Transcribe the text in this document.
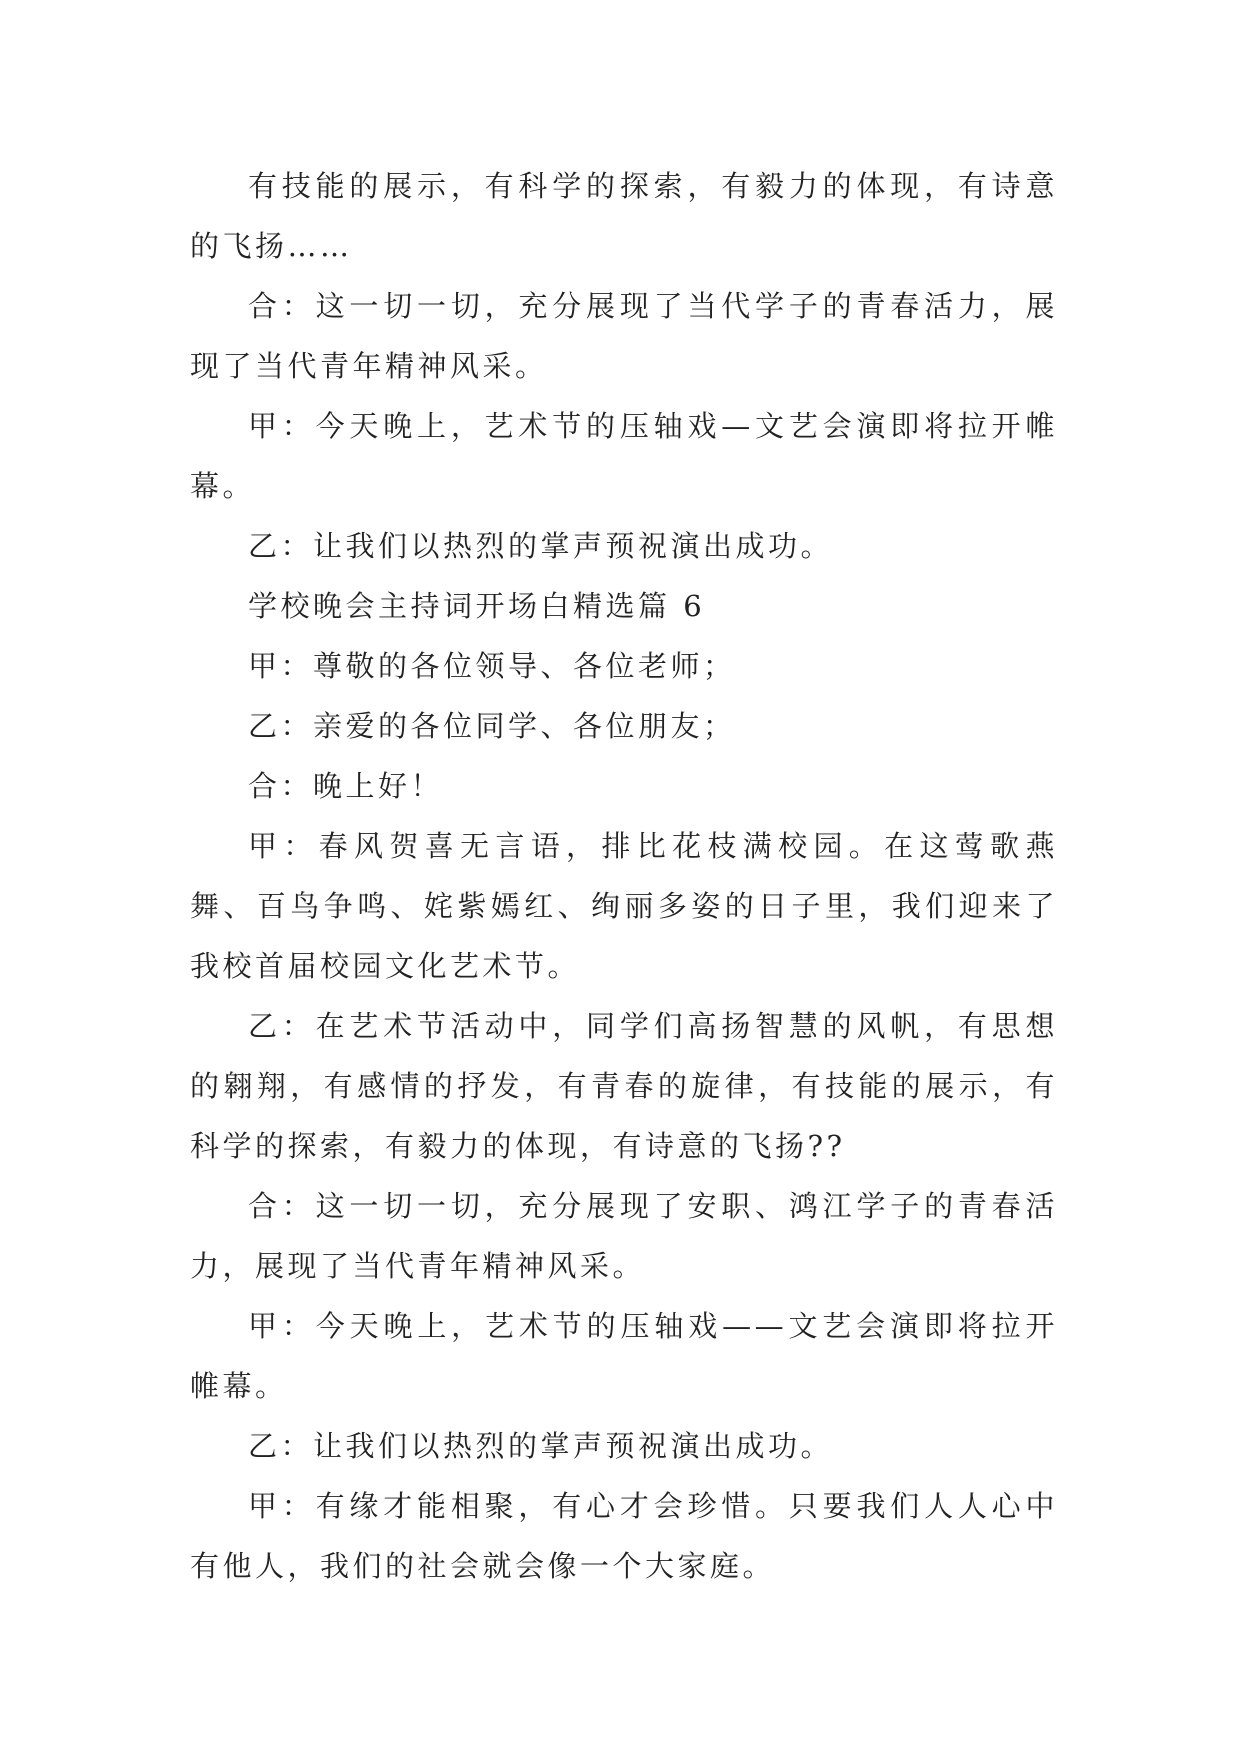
有技能的展示，有科学的探索，有毅力的体现，有诗意的飞扬……

合：这一切一切，充分展现了当代学子的青春活力，展现了当代青年精神风采。

甲：今天晚上，艺术节的压轴戏—文艺会演即将拉开帷幕。

乙：让我们以热烈的掌声预祝演出成功。

学校晚会主持词开场白精选篇 6

甲：尊敬的各位领导、各位老师；

乙：亲爱的各位同学、各位朋友；

合：晚上好！

甲：春风贺喜无言语，排比花枝满校园。在这莺歌燕舞、百鸟争鸣、姹紫嫣红、绚丽多姿的日子里，我们迎来了我校首届校园文化艺术节。

乙：在艺术节活动中，同学们高扬智慧的风帆，有思想的翱翔，有感情的抒发，有青春的旋律，有技能的展示，有科学的探索，有毅力的体现，有诗意的飞扬??

合：这一切一切，充分展现了安职、鸿江学子的青春活力，展现了当代青年精神风采。

甲：今天晚上，艺术节的压轴戏——文艺会演即将拉开帷幕。

乙：让我们以热烈的掌声预祝演出成功。

甲：有缘才能相聚，有心才会珍惜。只要我们人人心中有他人，我们的社会就会像一个大家庭。
